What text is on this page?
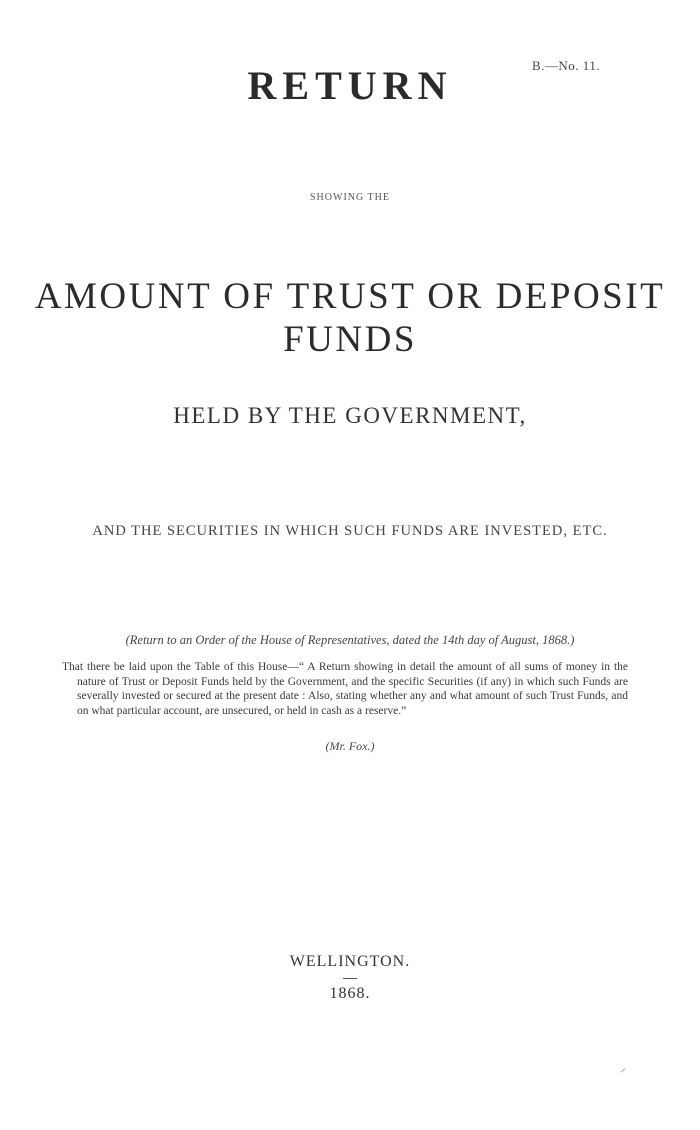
B.—No. 11.
RETURN
SHOWING THE
AMOUNT OF TRUST OR DEPOSIT FUNDS
HELD BY THE GOVERNMENT,
AND THE SECURITIES IN WHICH SUCH FUNDS ARE INVESTED, ETC.
(Return to an Order of the House of Representatives, dated the 14th day of August, 1868.)
That there be laid upon the Table of this House—“ A Return showing in detail the amount of all sums of money in the nature of Trust or Deposit Funds held by the Government, and the specific Securities (if any) in which such Funds are severally invested or secured at the present date : Also, stating whether any and what amount of such Trust Funds, and on what particular account, are unsecured, or held in cash as a reserve.”
(Mr. Fox.)
WELLINGTON.
1868.
